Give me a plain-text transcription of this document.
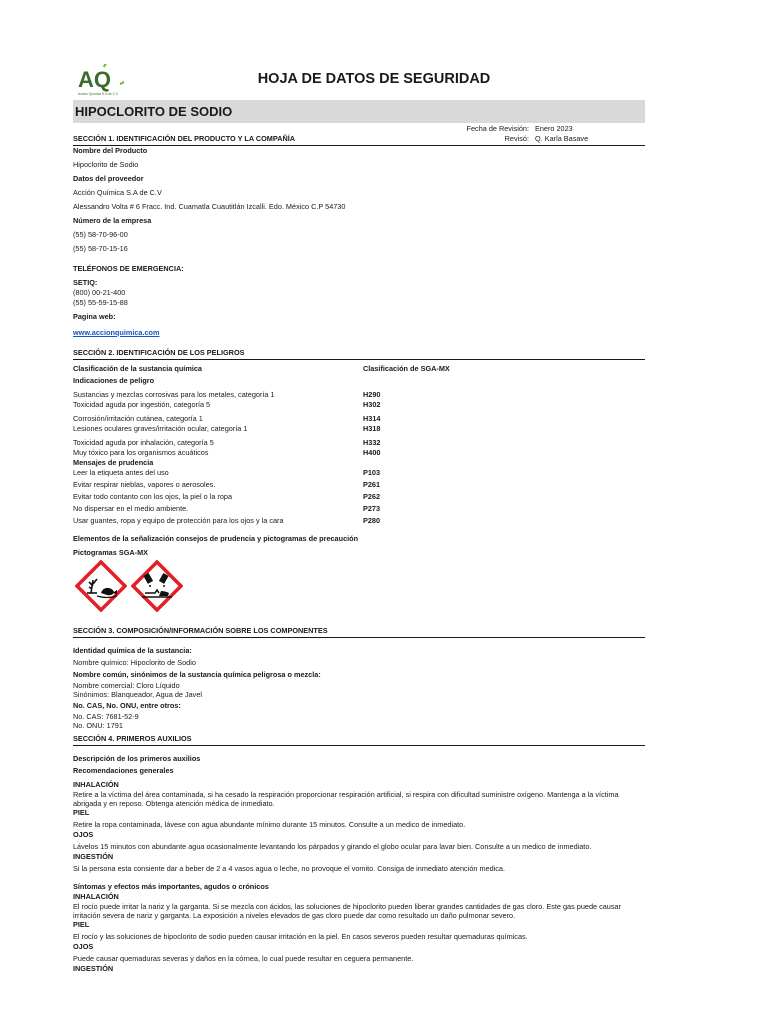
AQ
Acción Química S.A de C.V
HOJA DE DATOS DE SEGURIDAD
HIPOCLORITO DE SODIO
Fecha de Revisión: Enero 2023
Revisó: Q. Karla Basave
SECCIÓN 1. IDENTIFICACIÓN DEL PRODUCTO Y LA COMPAÑÍA
Nombre del Producto
Hipoclorito de Sodio
Datos del proveedor
Acción Química S.A de C.V
Alessandro Volta # 6 Fracc. Ind. Cuamatla Cuautitlán Izcalli. Edo. México C.P 54730
Número de la empresa
(55) 58-70-96-00
(55) 58-70-15-16
TELÉFONOS DE EMERGENCIA:
SETIQ:
(800) 00-21-400
(55) 55-59-15-88
Pagina web:
www.accionquimica.com
SECCIÓN 2. IDENTIFICACIÓN DE LOS PELIGROS
Clasificación de la sustancia química	Clasificación de SGA-MX
Indicaciones de peligro
Sustancias y mezclas corrosivas para los metales, categoría 1	H290
Toxicidad aguda por ingestión, categoría 5	H302
Corrosión/irritación cutánea, categoría 1	H314
Lesiones oculares graves/irritación ocular, categoría 1	H318
Toxicidad aguda por inhalación, categoría 5	H332
Muy tóxico para los organismos acuáticos	H400
Mensajes de prudencia
Leer la etiqueta antes del uso	P103
Evitar respirar nieblas, vapores o aerosoles.	P261
Evitar todo contanto con los ojos, la piel o la ropa	P262
No dispersar en el medio ambiente.	P273
Usar guantes, ropa y equipo de protección para los ojos y la cara	P280
Elementos de la señalización consejos de prudencia y pictogramas de precaución
Pictogramas SGA-MX
SECCIÓN 3. COMPOSICIÓN/INFORMACIÓN SOBRE LOS COMPONENTES
Identidad química de la sustancia:
Nombre químico: Hipoclorito de Sodio
Nombre común, sinónimos de la sustancia química peligrosa o mezcla:
Nombre comercial: Cloro Líquido
Sinónimos: Blanqueador, Agua de Javel
No. CAS, No. ONU, entre otros:
No. CAS: 7681-52-9
No. ONU: 1791
SECCIÓN 4. PRIMEROS AUXILIOS
Descripción de los primeros auxilios
Recomendaciones generales
INHALACIÓN
Retire a la víctima del área contaminada, si ha cesado la respiración proporcionar respiración artificial, si respira con dificultad suministre oxígeno. Mantenga a la víctima abrigada y en reposo. Obtenga atención médica de inmediato.
PIEL
Retire la ropa contaminada, lávese con agua abundante mínimo durante 15 minutos. Consulte a un medico de inmediato.
OJOS
Lávelos 15 minutos con abundante agua ocasionalmente levantando los párpados y girando el globo ocular para lavar bien. Consulte a un medico de inmediato.
INGESTIÓN
Si la persona esta consiente dar a beber de 2 a 4 vasos agua o leche, no provoque el vomito. Consiga de inmediato atención medica.
Síntomas y efectos más importantes, agudos o crónicos
INHALACIÓN
El rocío puede irritar la nariz y la garganta. Si se mezcla con ácidos, las soluciones de hipoclorito pueden liberar grandes cantidades de gas cloro. Este gas puede causar irritación severa de nariz y garganta. La exposición a niveles elevados de gas cloro puede dar como resultado un daño pulmonar severo.
PIEL
El rocío y las soluciones de hipoclorito de sodio pueden causar irritación en la piel. En casos severos pueden resultar quemaduras químicas.
OJOS
Puede causar quemaduras severas y daños en la córnea, lo cual puede resultar en ceguera permanente.
INGESTIÓN
